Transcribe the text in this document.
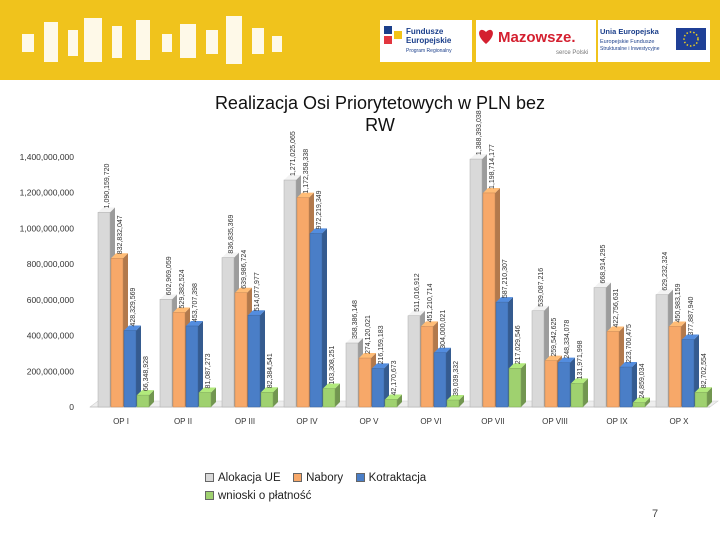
Fundusze
Europejskie
Program Regionalny
Mazowsze.
serce Polski
Unia Europejska
Europejskie Fundusze
Strukturalne i Inwestycyjne
Realizacja Osi Priorytetowych w PLN bez RW
0
200,000,000
400,000,000
600,000,000
800,000,000
1,000,000,000
1,200,000,000
1,400,000,000
1,090,159,720
832,832,047
428,329,569
66,348,928
602,969,059 529,382,524 453,707,398
81,087,273
836,835,369
639,986,724
514,077,977
82,384,541
1,271,025,065 1,172,358,338
972,219,349
103,308,251
358,386,148 274,120,021 216,159,183
42,170,673
511,016,912 451,210,714
304,000,021
39,039,332
1,388,393,038
1,198,714,177
587,210,307
217,029,546
539,087,216
259,542,625 248,334,078
131,971,998
668,914,295
422,756,631
223,700,475
24,859,034
629,232,324
450,983,159 377,887,940
82,702,554
OP I	OP II	OP III	OP IV	OP V	OP VI	OP VII	OP VIII	OP IX	OP X
Alokacja UE
Nabory
Kotraktacja

wnioski o płatność
7
